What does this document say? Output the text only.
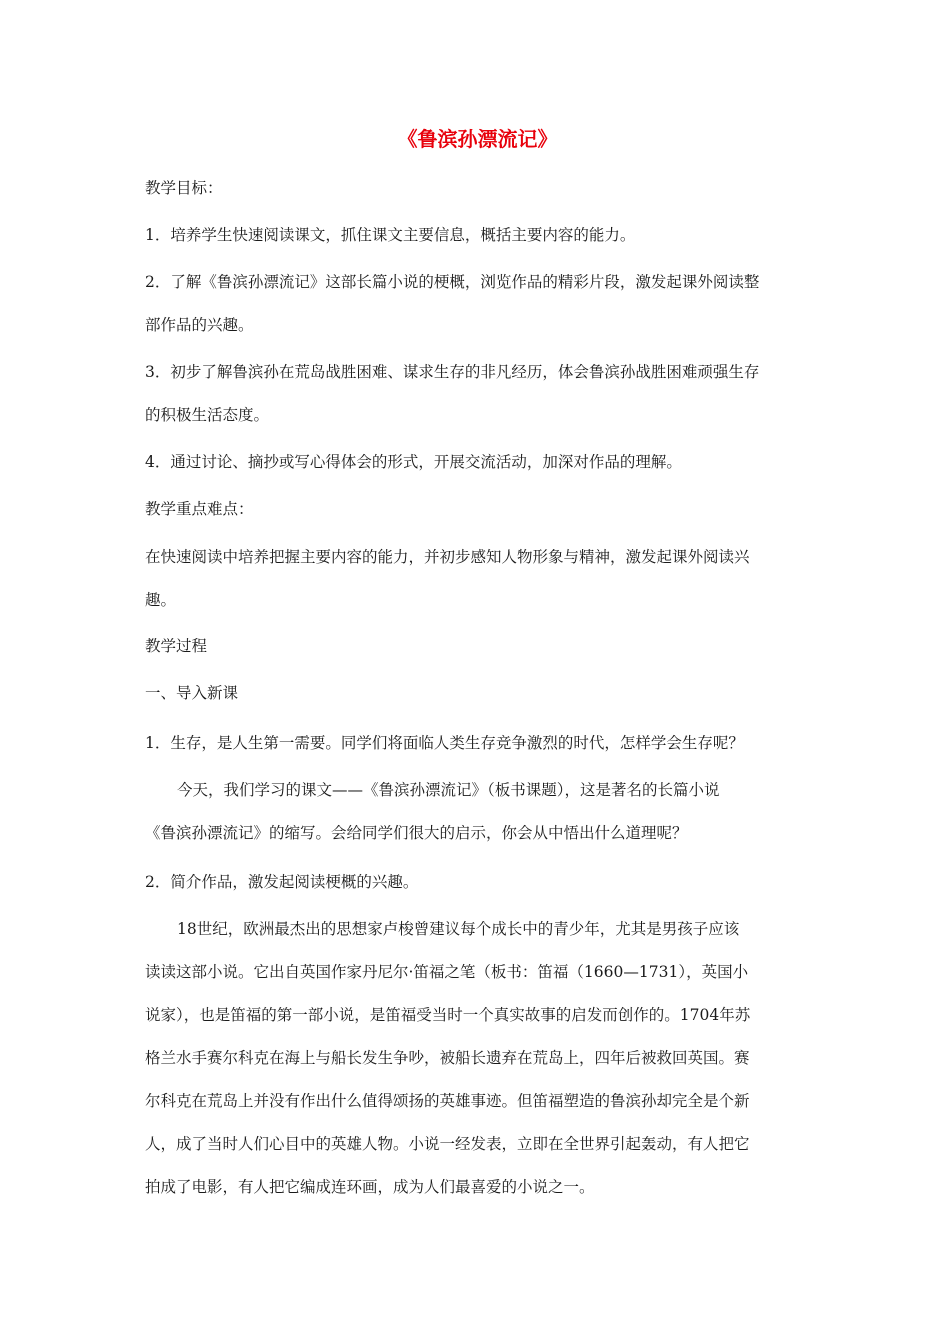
《鲁滨孙漂流记》

教学目标：

1．培养学生快速阅读课文，抓住课文主要信息，概括主要内容的能力。

2．了解《鲁滨孙漂流记》这部长篇小说的梗概，浏览作品的精彩片段，激发起课外阅读整

部作品的兴趣。

3．初步了解鲁滨孙在荒岛战胜困难、谋求生存的非凡经历，体会鲁滨孙战胜困难顽强生存

的积极生活态度。

4．通过讨论、摘抄或写心得体会的形式，开展交流活动，加深对作品的理解。

教学重点难点：

在快速阅读中培养把握主要内容的能力，并初步感知人物形象与精神，激发起课外阅读兴

趣。

教学过程

一、导入新课

1．生存，是人生第一需要。同学们将面临人类生存竞争激烈的时代，怎样学会生存呢？

今天，我们学习的课文——《鲁滨孙漂流记》（板书课题），这是著名的长篇小说

《鲁滨孙漂流记》的缩写。会给同学们很大的启示，你会从中悟出什么道理呢？

2．简介作品，激发起阅读梗概的兴趣。

18世纪，欧洲最杰出的思想家卢梭曾建议每个成长中的青少年，尤其是男孩子应该

读读这部小说。它出自英国作家丹尼尔·笛福之笔（板书：笛福（1660—1731），英国小

说家），也是笛福的第一部小说，是笛福受当时一个真实故事的启发而创作的。1704年苏

格兰水手赛尔科克在海上与船长发生争吵，被船长遗弃在荒岛上，四年后被救回英国。赛

尔科克在荒岛上并没有作出什么值得颂扬的英雄事迹。但笛福塑造的鲁滨孙却完全是个新

人，成了当时人们心目中的英雄人物。小说一经发表，立即在全世界引起轰动，有人把它

拍成了电影，有人把它编成连环画，成为人们最喜爱的小说之一。
